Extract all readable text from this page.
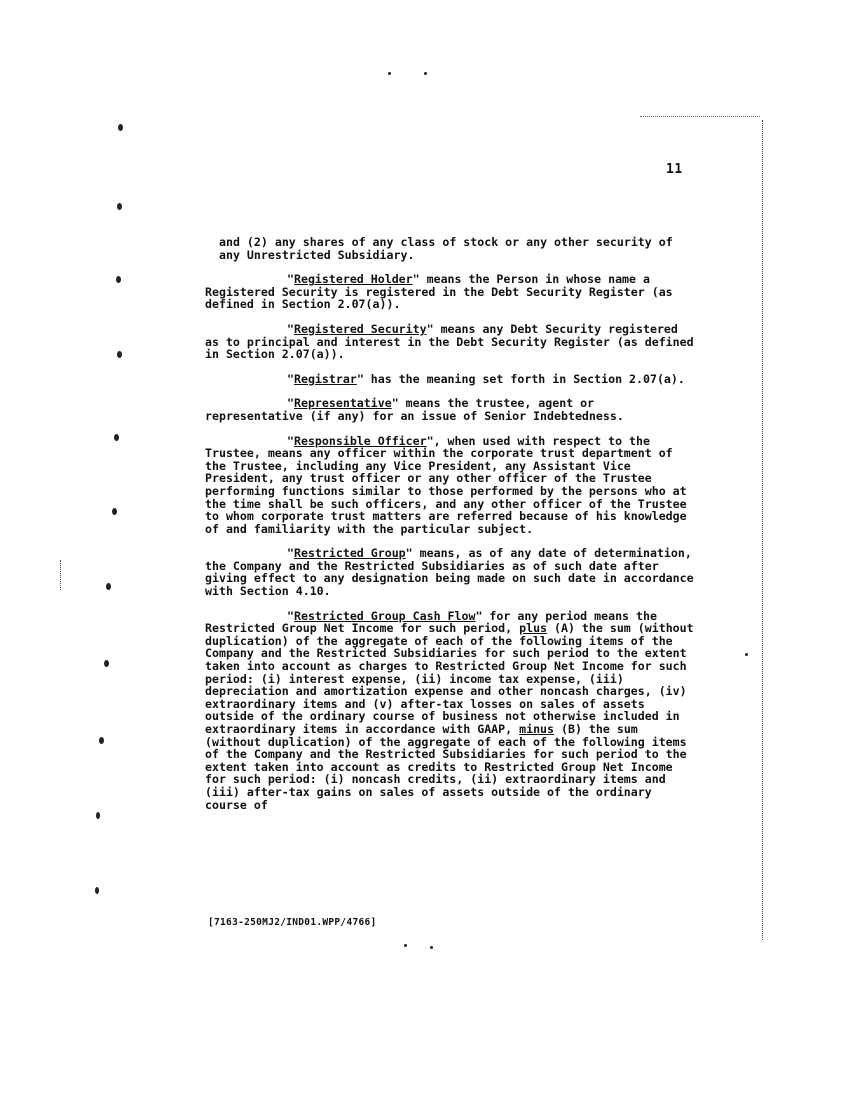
11

and (2) any shares of any class of stock or any other security of any Unrestricted Subsidiary.

"Registered Holder" means the Person in whose name a Registered Security is registered in the Debt Security Register (as defined in Section 2.07(a)).

"Registered Security" means any Debt Security registered as to principal and interest in the Debt Security Register (as defined in Section 2.07(a)).

"Registrar" has the meaning set forth in Section 2.07(a).

"Representative" means the trustee, agent or representative (if any) for an issue of Senior Indebtedness.

"Responsible Officer", when used with respect to the Trustee, means any officer within the corporate trust department of the Trustee, including any Vice President, any Assistant Vice President, any trust officer or any other officer of the Trustee performing functions similar to those performed by the persons who at the time shall be such officers, and any other officer of the Trustee to whom corporate trust matters are referred because of his knowledge of and familiarity with the particular subject.

"Restricted Group" means, as of any date of determination, the Company and the Restricted Subsidiaries as of such date after giving effect to any designation being made on such date in accordance with Section 4.10.

"Restricted Group Cash Flow" for any period means the Restricted Group Net Income for such period, plus (A) the sum (without duplication) of the aggregate of each of the following items of the Company and the Restricted Subsidiaries for such period to the extent taken into account as charges to Restricted Group Net Income for such period: (i) interest expense, (ii) income tax expense, (iii) depreciation and amortization expense and other noncash charges, (iv) extraordinary items and (v) after-tax losses on sales of assets outside of the ordinary course of business not otherwise included in extraordinary items in accordance with GAAP, minus (B) the sum (without duplication) of the aggregate of each of the following items of the Company and the Restricted Subsidiaries for such period to the extent taken into account as credits to Restricted Group Net Income for such period: (i) noncash credits, (ii) extraordinary items and (iii) after-tax gains on sales of assets outside of the ordinary course of

[7163-250MJ2/IND01.WPP/4766]
